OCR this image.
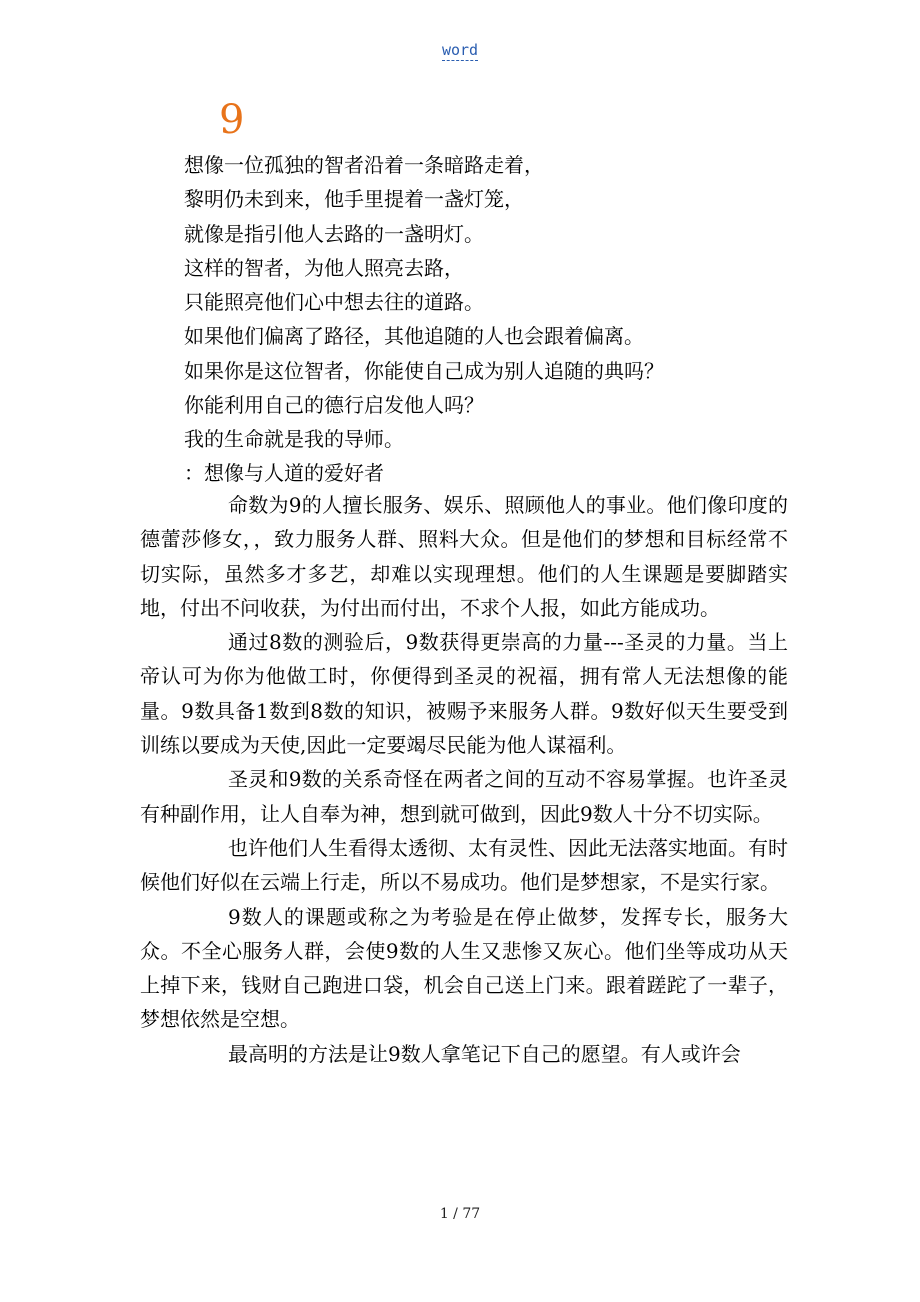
word
9
想像一位孤独的智者沿着一条暗路走着，
黎明仍未到来，他手里提着一盏灯笼，
就像是指引他人去路的一盏明灯。
这样的智者，为他人照亮去路，
只能照亮他们心中想去往的道路。
如果他们偏离了路径，其他追随的人也会跟着偏离。
如果你是这位智者，你能使自己成为别人追随的典吗？
你能利用自己的德行启发他人吗？
我的生命就是我的导师。
：想像与人道的爱好者

命数为9的人擅长服务、娱乐、照顾他人的事业。他们像印度的德蕾莎修女，，致力服务人群、照料大众。但是他们的梦想和目标经常不切实际，虽然多才多艺，却难以实现理想。他们的人生课题是要脚踏实地，付出不问收获，为付出而付出，不求个人报，如此方能成功。

通过8数的测验后，9数获得更崇高的力量---圣灵的力量。当上帝认可为你为他做工时，你便得到圣灵的祝福，拥有常人无法想像的能量。9数具备1数到8数的知识，被赐予来服务人群。9数好似天生要受到训练以要成为天使,因此一定要竭尽民能为他人谋福利。

圣灵和9数的关系奇怪在两者之间的互动不容易掌握。也许圣灵有种副作用，让人自奉为神，想到就可做到，因此9数人十分不切实际。

也许他们人生看得太透彻、太有灵性、因此无法落实地面。有时候他们好似在云端上行走，所以不易成功。他们是梦想家，不是实行家。

9数人的课题或称之为考验是在停止做梦，发挥专长，服务大众。不全心服务人群，会使9数的人生又悲惨又灰心。他们坐等成功从天上掉下来，钱财自己跑进口袋，机会自己送上门来。跟着蹉跎了一辈子，梦想依然是空想。

最高明的方法是让9数人拿笔记下自己的愿望。有人或许会

1 / 77
